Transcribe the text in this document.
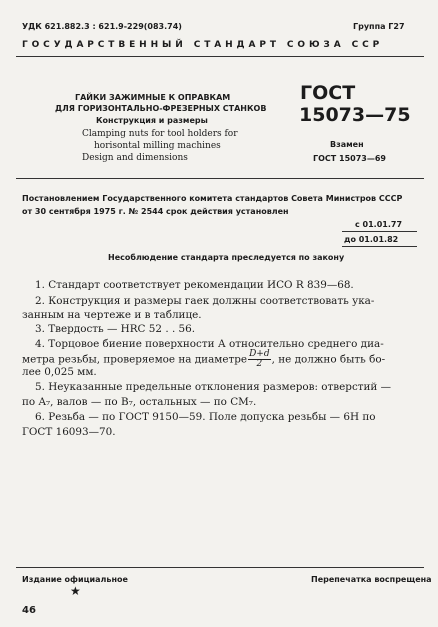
УДК 621.882.3 : 621.9-229(083.74)	Группа Г27
ГОСУДАРСТВЕННЫЙ СТАНДАРТ СОЮЗА ССР
ГАЙКИ ЗАЖИМНЫЕ К ОПРАВКАМ
ДЛЯ ГОРИЗОНТАЛЬНО-ФРЕЗЕРНЫХ СТАНКОВ
Конструкция и размеры
Clamping nuts for tool holders for
horisontal milling machines
Design and dimensions
ГОСТ
15073—75
Взамен
ГОСТ 15073—69
Постановлением Государственного комитета стандартов Совета Министров СССР
от 30 сентября 1975 г. № 2544 срок действия установлен
с 01.01.77
до 01.01.82
Несоблюдение стандарта преследуется по закону
1. Стандарт соответствует рекомендации ИСО R 839—68.
2. Конструкция и размеры гаек должны соответствовать ука-
занным на чертеже и в таблице.
3. Твердость — HRC 52 . . 56.
4. Торцовое биение поверхности А относительно среднего диа-
метра резьбы, проверяемое на диаметре $\frac{D+d}{2}$ , не должно быть бо-
лее 0,025 мм.
5. Неуказанные предельные отклонения размеров: отверстий —
по A₇, валов — по B₇, остальных — по CM₇.
6. Резьба — по ГОСТ 9150—59. Поле допуска резьбы — 6H по
ГОСТ 16093—70.
Издание официальное	Перепечатка воспрещена
★
46
